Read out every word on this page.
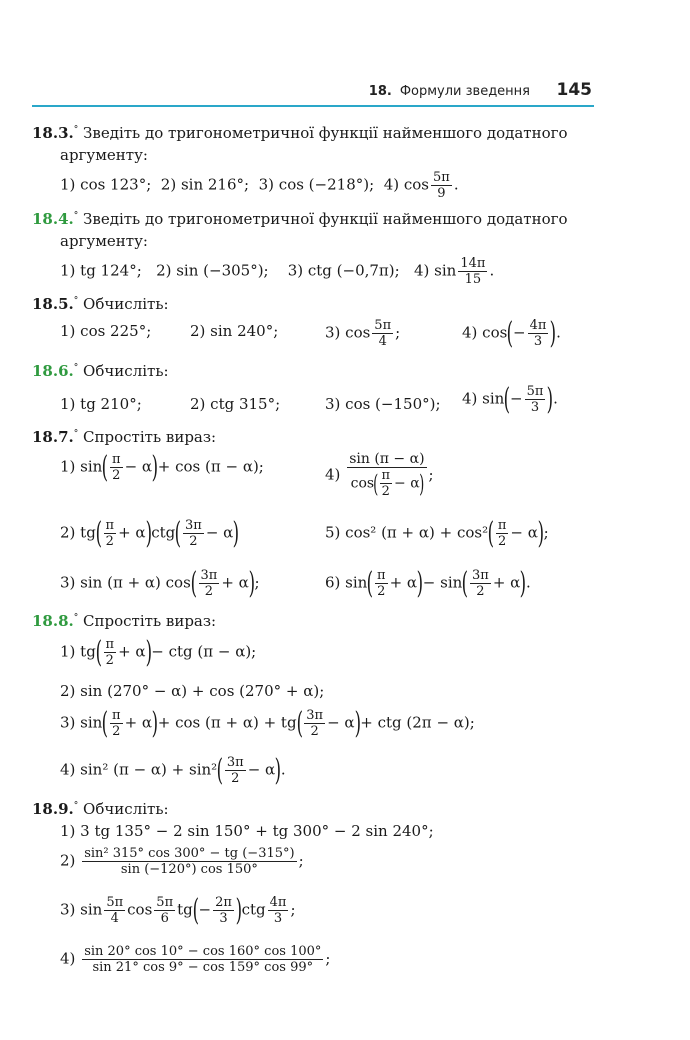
18. Формули зведення 145
18.3.° Зведіть до тригонометричної функції найменшого додатного
аргументу:
1) cos 123°; 2) sin 216°; 3) cos (−218°); 4) $\cos \frac{5\pi}{9}$ .
18.4.° Зведіть до тригонометричної функції найменшого додатного
аргументу:
1) tg 124°; 2) sin (−305°); 3) ctg (−0,7π); 4) $\sin \frac{14\pi}{15}$ .
18.5.° Обчисліть:
1) cos 225°;	2) sin 240°;	3) $\cos \frac{5\pi}{4}$ ;	4) $\cos(- \frac{4\pi}{3}$ ).
18.6.° Обчисліть:
1) tg 210°;	2) ctg 315°;	3) cos (−150°); 4) $\sin(- \frac{5\pi}{3}$ ).
18.7.° Спростіть вираз:
1) $\sin( \frac{\pi}{2} - \alpha)+ \cos (\pi - \alpha)$;	$4) \frac{\sin (\pi - \alpha)}{\cos( \frac{\pi}{2} - \alpha)}$ ;
2) $tg( \frac{\pi}{2} + \alpha)ctg( \frac{3\pi}{2} - \alpha)$	5) cos² $(\pi + \alpha) + \cos^2( \frac{\pi}{2} - \alpha)$;
3) sin (π + α) $\cos( \frac{3\pi}{2} + \alpha)$;	6) $\sin( \frac{\pi}{2} + \alpha)- \sin( \frac{3\pi}{2} + \alpha)$.
18.8.° Спростіть вираз:
1) $tg( \frac{\pi}{2} + \alpha)-$ ctg (π − α);
2) sin (270° − α) + cos (270° + α);
3) $\sin( \frac{\pi}{2} + \alpha)+ \cos (\pi + \alpha) + tg( \frac{3\pi}{2} - \alpha)+$ ctg (2π − α);
4) sin² $(\pi - \alpha) + \sin^2( \frac{3\pi}{2} - \alpha)$.
18.9.° Обчисліть:
1) 3 tg 135° − 2 sin 150° + tg 300° − 2 sin 240°;
$2) \frac{\text{sin² 315° cos 300° − tg (−315°)}}{\sin (-120^\circ) \cos 150^\circ}$ ;
3) $\sin \frac{5\pi}{4}$ $\cos \frac{5\pi}{6} tg(- \frac{2\pi}{3} )ctg \frac{4\pi}{3}$ ;
$4) \frac{\sin 20^\circ \cos 10^\circ - \cos 160^\circ \cos 100^\circ}{\sin 21^\circ \cos 9^\circ - \cos 159^\circ \cos 99^\circ}$ ;
